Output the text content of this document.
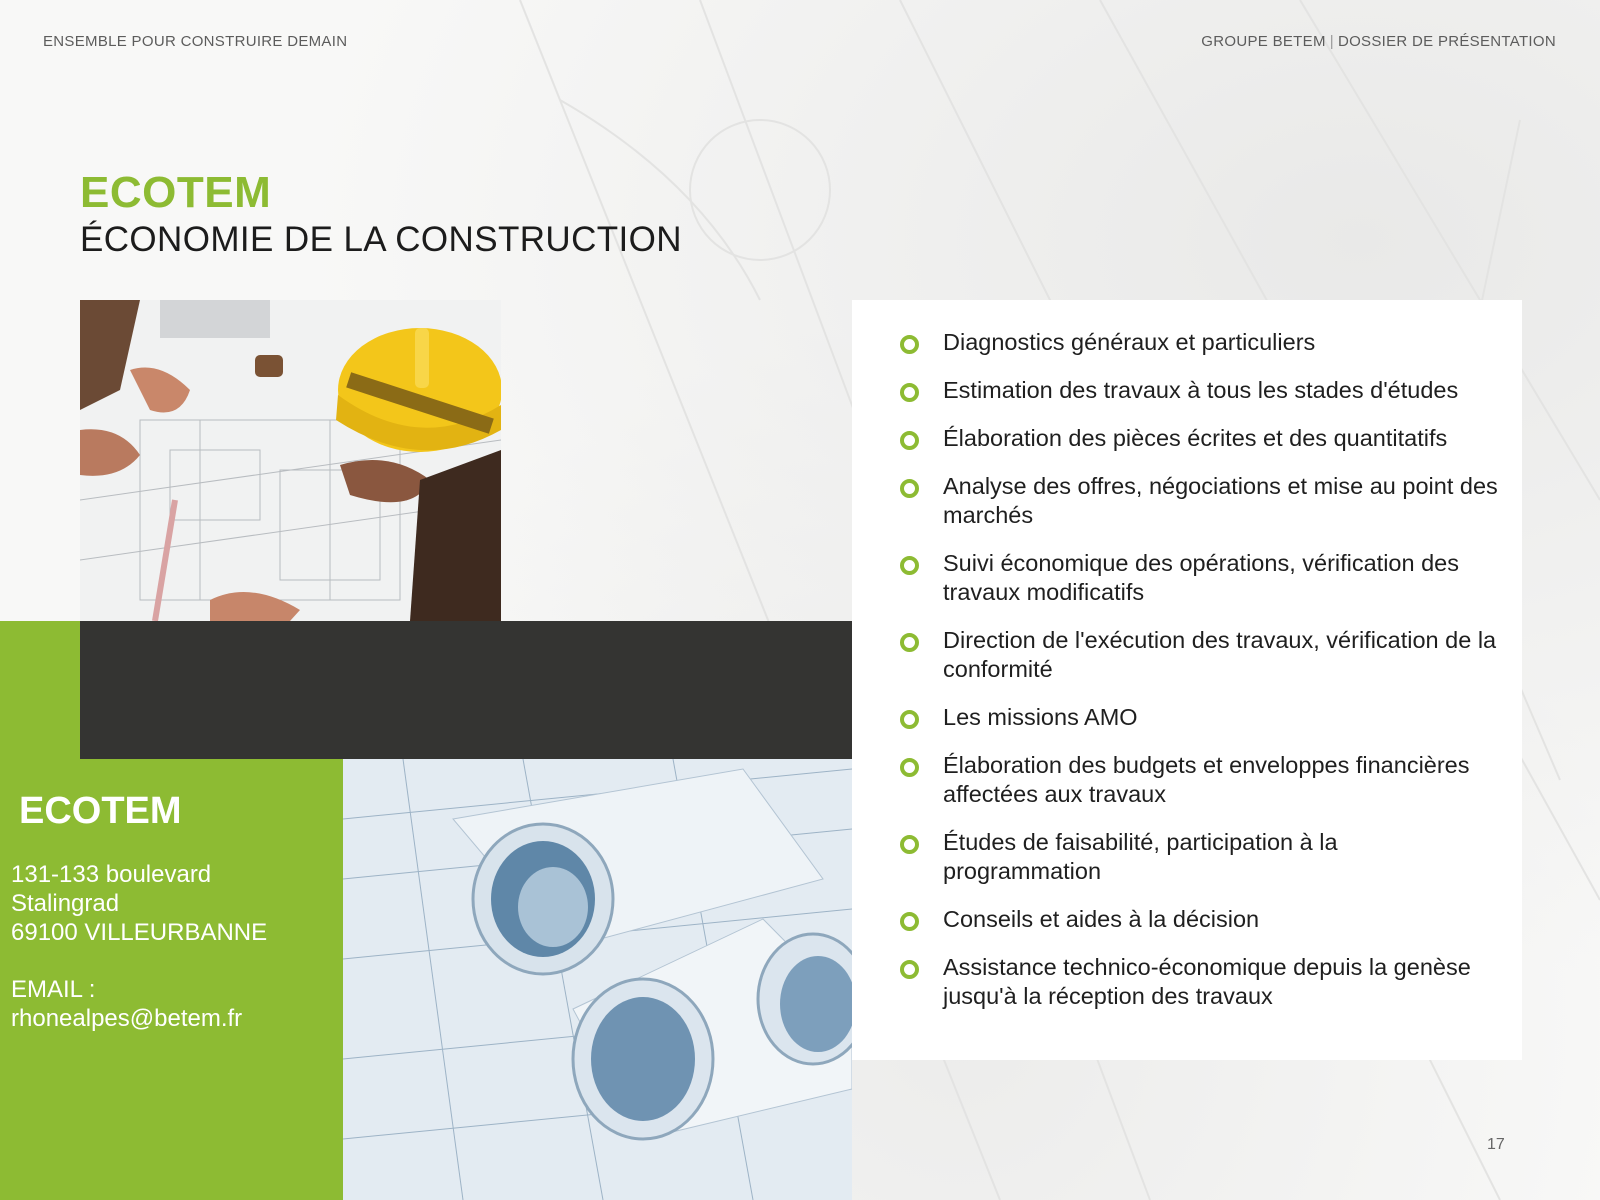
ENSEMBLE POUR CONSTRUIRE DEMAIN	GROUPE BETEM | DOSSIER DE PRÉSENTATION
ECOTEM
ÉCONOMIE DE LA CONSTRUCTION
ECOTEM
131-133 boulevard
Stalingrad
69100 VILLEURBANNE
EMAIL :
rhonealpes@betem.fr
Diagnostics généraux et particuliers
Estimation des travaux à tous les stades d'études
Élaboration des pièces écrites et des quantitatifs
Analyse des offres, négociations et mise au point des marchés
Suivi économique des opérations, vérification des travaux modificatifs
Direction de l'exécution des travaux, vérification de la conformité
Les missions AMO
Élaboration des budgets et enveloppes financières affectées aux travaux
Études de faisabilité, participation à la programmation
Conseils et aides à la décision
Assistance technico-économique depuis la genèse jusqu'à la réception des travaux
17
